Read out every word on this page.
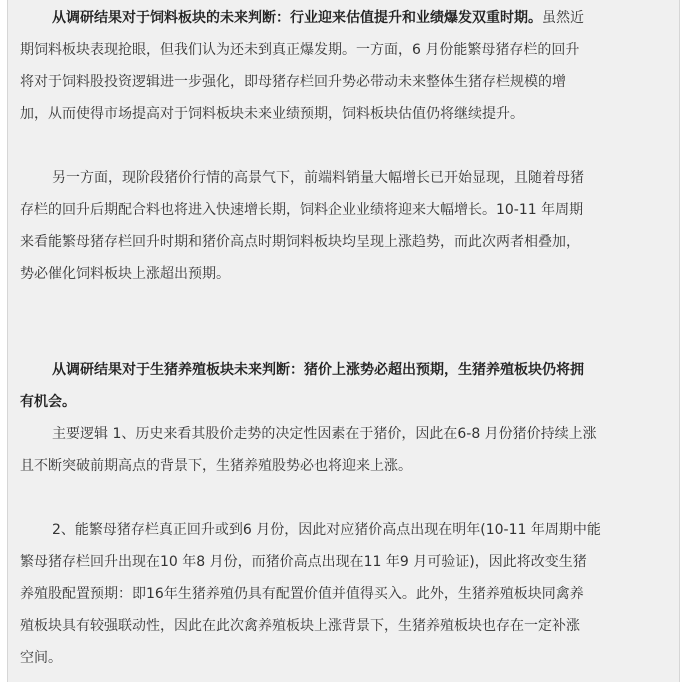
从调研结果对于饲料板块的未来判断：行业迎来估值提升和业绩爆发双重时期。虽然近
期饲料板块表现抢眼，但我们认为还未到真正爆发期。一方面，6 月份能繁母猪存栏的回升
将对于饲料股投资逻辑进一步强化，即母猪存栏回升势必带动未来整体生猪存栏规模的增
加，从而使得市场提高对于饲料板块未来业绩预期，饲料板块估值仍将继续提升。
另一方面，现阶段猪价行情的高景气下，前端料销量大幅增长已开始显现，且随着母猪
存栏的回升后期配合料也将进入快速增长期，饲料企业业绩将迎来大幅增长。10-11 年周期
来看能繁母猪存栏回升时期和猪价高点时期饲料板块均呈现上涨趋势，而此次两者相叠加，
势必催化饲料板块上涨超出预期。
从调研结果对于生猪养殖板块未来判断：猪价上涨势必超出预期，生猪养殖板块仍将拥
有机会。
主要逻辑 1、历史来看其股价走势的决定性因素在于猪价，因此在6-8 月份猪价持续上涨
且不断突破前期高点的背景下，生猪养殖股势必也将迎来上涨。
2、能繁母猪存栏真正回升或到6 月份，因此对应猪价高点出现在明年(10-11 年周期中能
繁母猪存栏回升出现在10 年8 月份，而猪价高点出现在11 年9 月可验证)，因此将改变生猪
养殖股配置预期：即16年生猪养殖仍具有配置价值并值得买入。此外，生猪养殖板块同禽养
殖板块具有较强联动性，因此在此次禽养殖板块上涨背景下，生猪养殖板块也存在一定补涨
空间。
